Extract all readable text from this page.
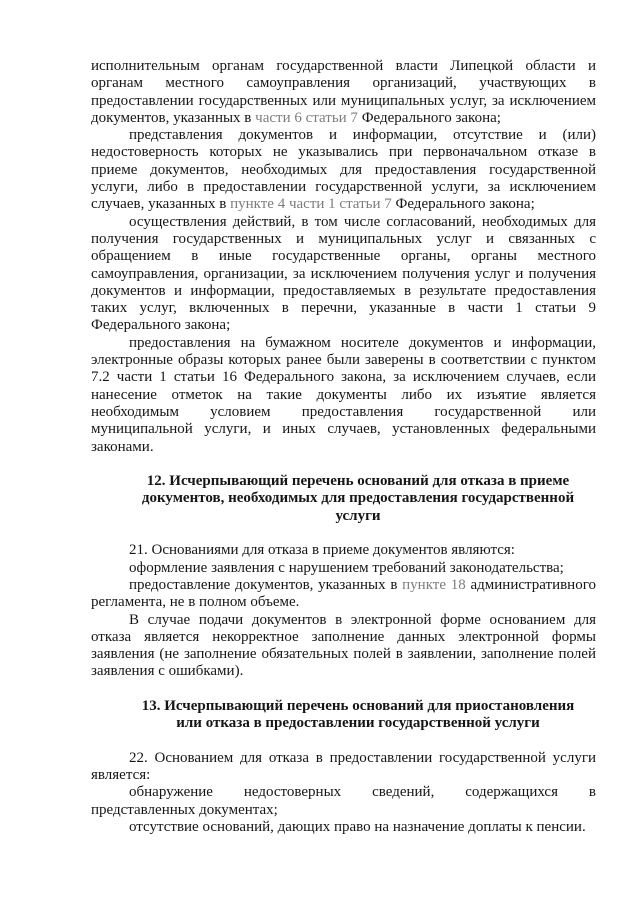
исполнительным органам государственной власти Липецкой области и
органам местного самоуправления организаций, участвующих в
предоставлении государственных или муниципальных услуг, за исключением
документов, указанных в части 6 статьи 7 Федерального закона;
представления документов и информации, отсутствие и (или)
недостоверность которых не указывались при первоначальном отказе в
приеме документов, необходимых для предоставления государственной
услуги, либо в предоставлении государственной услуги, за исключением
случаев, указанных в пункте 4 части 1 статьи 7 Федерального закона;
осуществления действий, в том числе согласований, необходимых для
получения государственных и муниципальных услуг и связанных с
обращением в иные государственные органы, органы местного
самоуправления, организации, за исключением получения услуг и получения
документов и информации, предоставляемых в результате предоставления
таких услуг, включенных в перечни, указанные в части 1 статьи 9
Федерального закона;
предоставления на бумажном носителе документов и информации,
электронные образы которых ранее были заверены в соответствии с пунктом
7.2 части 1 статьи 16 Федерального закона, за исключением случаев, если
нанесение отметок на такие документы либо их изъятие является
необходимым условием предоставления государственной или
муниципальной услуги, и иных случаев, установленных федеральными
законами.
12. Исчерпывающий перечень оснований для отказа в приеме
документов, необходимых для предоставления государственной
услуги
21. Основаниями для отказа в приеме документов являются:
оформление заявления с нарушением требований законодательства;
предоставление документов, указанных в пункте 18 административного
регламента, не в полном объеме.
В случае подачи документов в электронной форме основанием для
отказа является некорректное заполнение данных электронной формы
заявления (не заполнение обязательных полей в заявлении, заполнение полей
заявления с ошибками).
13. Исчерпывающий перечень оснований для приостановления
или отказа в предоставлении государственной услуги
22. Основанием для отказа в предоставлении государственной услуги
является:
обнаружение недостоверных сведений, содержащихся в
представленных документах;
отсутствие оснований, дающих право на назначение доплаты к пенсии.
